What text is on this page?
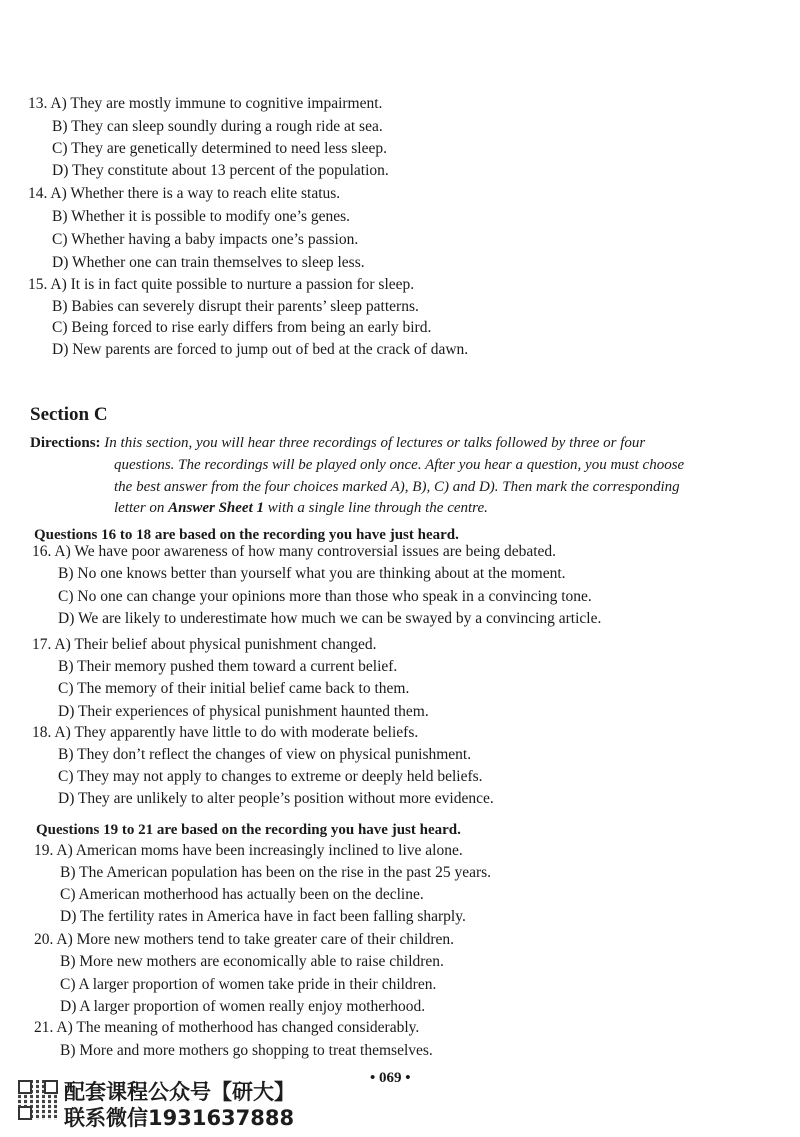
13. A) They are mostly immune to cognitive impairment.
B) They can sleep soundly during a rough ride at sea.
C) They are genetically determined to need less sleep.
D) They constitute about 13 percent of the population.
14. A) Whether there is a way to reach elite status.
B) Whether it is possible to modify one’s genes.
C) Whether having a baby impacts one’s passion.
D) Whether one can train themselves to sleep less.
15. A) It is in fact quite possible to nurture a passion for sleep.
B) Babies can severely disrupt their parents’ sleep patterns.
C) Being forced to rise early differs from being an early bird.
D) New parents are forced to jump out of bed at the crack of dawn.
Section C
Directions: In this section, you will hear three recordings of lectures or talks followed by three or four
questions. The recordings will be played only once. After you hear a question, you must choose
the best answer from the four choices marked A), B), C) and D). Then mark the corresponding
letter on Answer Sheet 1 with a single line through the centre.
Questions 16 to 18 are based on the recording you have just heard.
16. A) We have poor awareness of how many controversial issues are being debated.
B) No one knows better than yourself what you are thinking about at the moment.
C) No one can change your opinions more than those who speak in a convincing tone.
D) We are likely to underestimate how much we can be swayed by a convincing article.
17. A) Their belief about physical punishment changed.
B) Their memory pushed them toward a current belief.
C) The memory of their initial belief came back to them.
D) Their experiences of physical punishment haunted them.
18. A) They apparently have little to do with moderate beliefs.
B) They don’t reflect the changes of view on physical punishment.
C) They may not apply to changes to extreme or deeply held beliefs.
D) They are unlikely to alter people’s position without more evidence.
Questions 19 to 21 are based on the recording you have just heard.
19. A) American moms have been increasingly inclined to live alone.
B) The American population has been on the rise in the past 25 years.
C) American motherhood has actually been on the decline.
D) The fertility rates in America have in fact been falling sharply.
20. A) More new mothers tend to take greater care of their children.
B) More new mothers are economically able to raise children.
C) A larger proportion of women take pride in their children.
D) A larger proportion of women really enjoy motherhood.
21. A) The meaning of motherhood has changed considerably.
B) More and more mothers go shopping to treat themselves.
• 069 •
配套课程公众号【研大】
联系微信1931637888
